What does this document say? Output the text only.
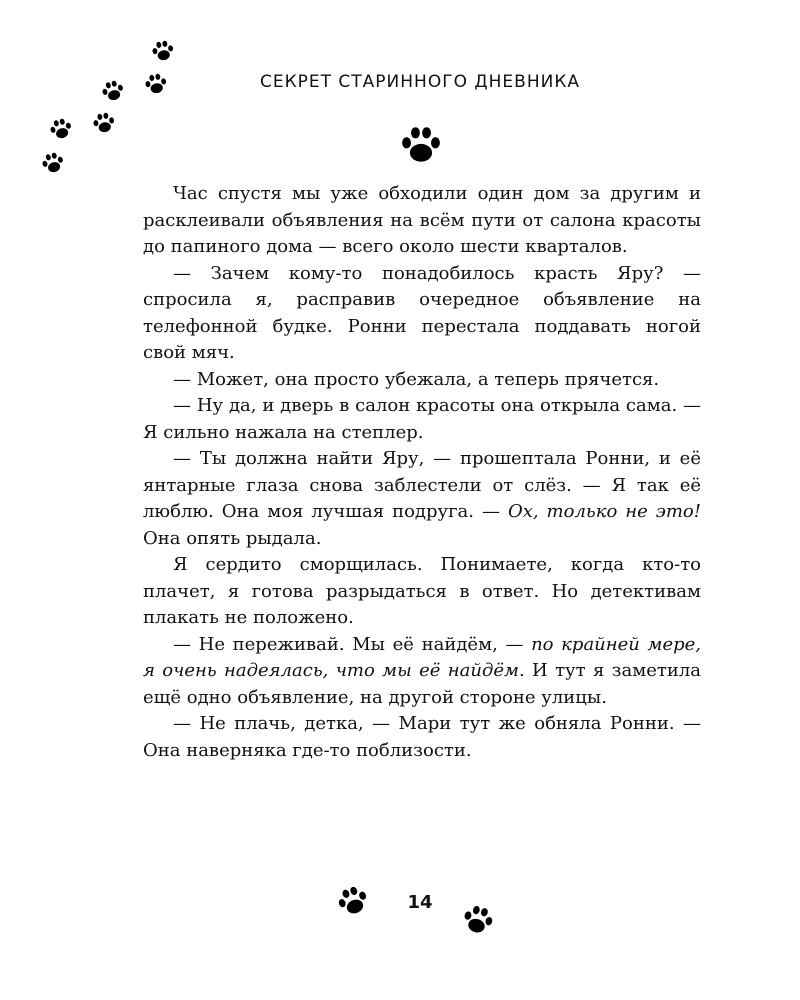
СЕКРЕТ СТАРИННОГО ДНЕВНИКА

Час спустя мы уже обходили один дом за другим и расклеивали объявления на всём пути от салона красоты до папиного дома — всего около шести кварталов.

— Зачем кому-то понадобилось красть Яру? — спросила я, расправив очередное объявление на телефонной будке. Ронни перестала поддавать ногой свой мяч.

— Может, она просто убежала, а теперь прячется.

— Ну да, и дверь в салон красоты она открыла сама. — Я сильно нажала на степлер.

— Ты должна найти Яру, — прошептала Ронни, и её янтарные глаза снова заблестели от слёз. — Я так её люблю. Она моя лучшая подруга. — Ох, только не это! Она опять рыдала.

Я сердито сморщилась. Понимаете, когда кто-то плачет, я готова разрыдаться в ответ. Но детективам плакать не положено.

— Не переживай. Мы её найдём, — по крайней мере, я очень надеялась, что мы её найдём. И тут я заметила ещё одно объявление, на другой стороне улицы.

— Не плачь, детка, — Мари тут же обняла Ронни. — Она наверняка где-то поблизости.

14
